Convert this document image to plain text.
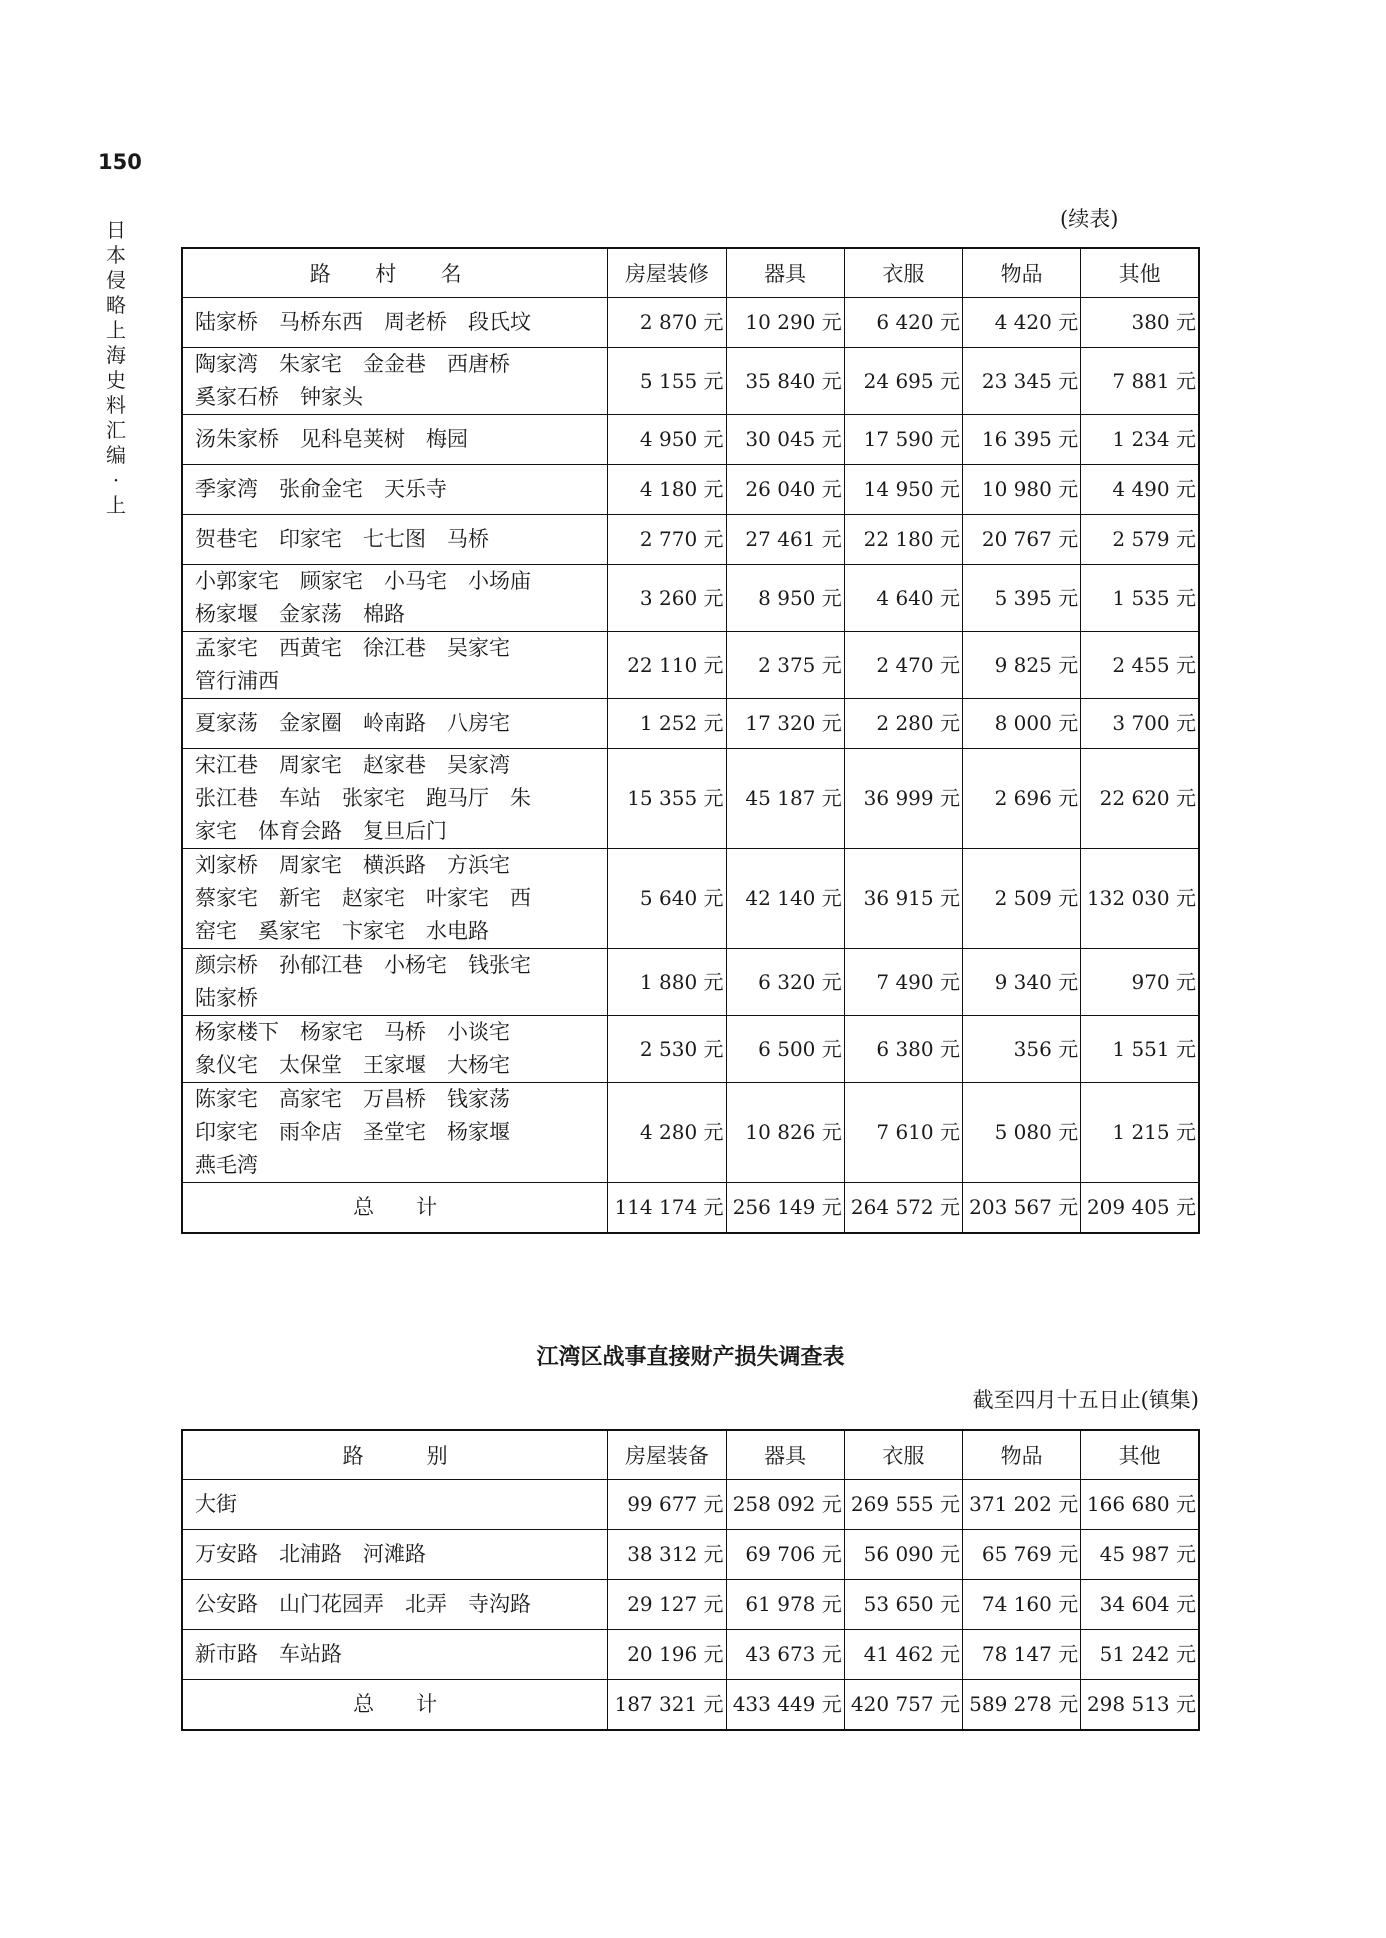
150
日本侵略上海史料汇编·上
(续表)
路 村 名	房屋装修	器具	衣服	物品	其他

陆家桥　马桥东西　周老桥　段氏坟	2 870 元	10 290 元	6 420 元	4 420 元	380 元

陶家湾　朱家宅　金金巷　西唐桥
奚家石桥　钟家头	5 155 元	35 840 元	24 695 元	23 345 元	7 881 元

汤朱家桥　见科皂荚树　梅园	4 950 元	30 045 元	17 590 元	16 395 元	1 234 元

季家湾　张俞金宅　天乐寺	4 180 元	26 040 元	14 950 元	10 980 元	4 490 元

贺巷宅　印家宅　七七图　马桥	2 770 元	27 461 元	22 180 元	20 767 元	2 579 元

小郭家宅　顾家宅　小马宅　小场庙
杨家堰　金家荡　棉路	3 260 元	8 950 元	4 640 元	5 395 元	1 535 元

孟家宅　西黄宅　徐江巷　吴家宅
管行浦西	22 110 元	2 375 元	2 470 元	9 825 元	2 455 元

夏家荡　金家圈　岭南路　八房宅	1 252 元	17 320 元	2 280 元	8 000 元	3 700 元

宋江巷　周家宅　赵家巷　吴家湾
张江巷　车站　张家宅　跑马厅　朱
家宅　体育会路　复旦后门	15 355 元	45 187 元	36 999 元	2 696 元	22 620 元

刘家桥　周家宅　横浜路　方浜宅
蔡家宅　新宅　赵家宅　叶家宅　西
窑宅　奚家宅　卞家宅　水电路	5 640 元	42 140 元	36 915 元	2 509 元	132 030 元

颜宗桥　孙郁江巷　小杨宅　钱张宅
陆家桥	1 880 元	6 320 元	7 490 元	9 340 元	970 元

杨家楼下　杨家宅　马桥　小谈宅
象仪宅　太保堂　王家堰　大杨宅	2 530 元	6 500 元	6 380 元	356 元	1 551 元

陈家宅　高家宅　万昌桥　钱家荡
印家宅　雨伞店　圣堂宅　杨家堰
燕毛湾	4 280 元	10 826 元	7 610 元	5 080 元	1 215 元
总　　计	114 174 元	256 149 元	264 572 元	203 567 元	209 405 元
江湾区战事直接财产损失调查表
截至四月十五日止(镇集)
路　　　别	房屋装备	器具	衣服	物品	其他

大街	99 677 元	258 092 元	269 555 元	371 202 元	166 680 元

万安路　北浦路　河滩路	38 312 元	69 706 元	56 090 元	65 769 元	45 987 元

公安路　山门花园弄　北弄　寺沟路	29 127 元	61 978 元	53 650 元	74 160 元	34 604 元

新市路　车站路	20 196 元	43 673 元	41 462 元	78 147 元	51 242 元
总　　计	187 321 元	433 449 元	420 757 元	589 278 元	298 513 元
